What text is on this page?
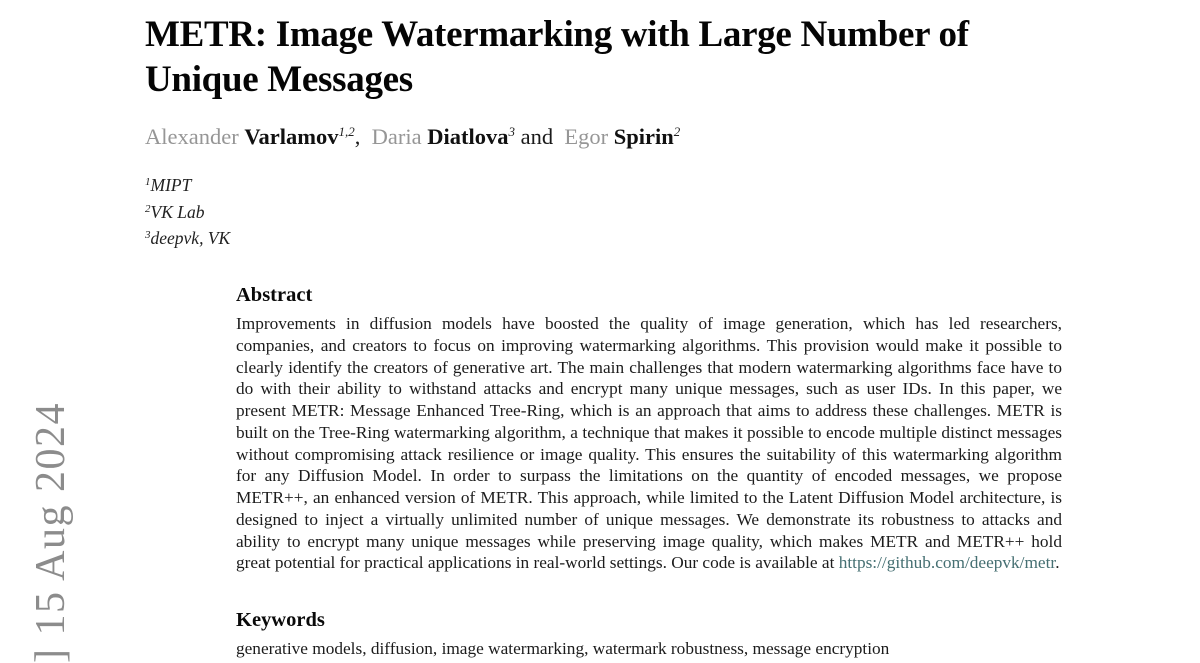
] 15 Aug 2024
METR: Image Watermarking with Large Number of
Unique Messages
Alexander Varlamov$^{1,2}$,  Daria Diatlova$^3$ and  Egor Spirin$^2$
$^1$MIPT
$^2$VK Lab
$^3$deepvk, VK
Abstract

Improvements in diffusion models have boosted the quality of image generation, which has led researchers, companies, and creators to focus on improving watermarking algorithms. This provision would make it possible to clearly identify the creators of generative art. The main challenges that modern watermarking algorithms face have to do with their ability to withstand attacks and encrypt many unique messages, such as user IDs. In this paper, we present METR: Message Enhanced Tree-Ring, which is an approach that aims to address these challenges. METR is built on the Tree-Ring watermarking algorithm, a technique that makes it possible to encode multiple distinct messages without compromising attack resilience or image quality. This ensures the suitability of this watermarking algorithm for any Diffusion Model. In order to surpass the limitations on the quantity of encoded messages, we propose METR++, an enhanced version of METR. This approach, while limited to the Latent Diffusion Model architecture, is designed to inject a virtually unlimited number of unique messages. We demonstrate its robustness to attacks and ability to encrypt many unique messages while preserving image quality, which makes METR and METR++ hold great potential for practical applications in real-world settings. Our code is available at https://github.com/deepvk/metr.

Keywords

generative models, diffusion, image watermarking, watermark robustness, message encryption
